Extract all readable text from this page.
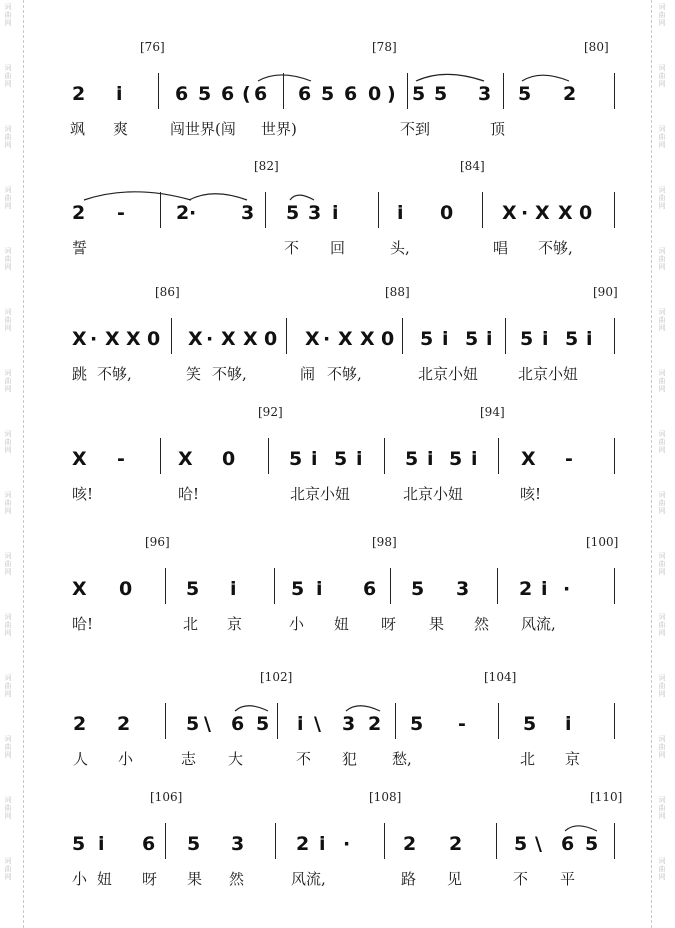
词
曲
网
词
曲
网
词
曲
网
词
曲
网
词
曲
网
词
曲
网
词
曲
网
词
曲
网
词
曲
网
词
曲
网
词
曲
网
词
曲
网
词
曲
网
词
曲
网
词
曲
网
词
曲
网
词
曲
网
词
曲
网
词
曲
网
词
曲
网
词
曲
网
词
曲
网
词
曲
网
词
曲
网
词
曲
网
词
曲
网
词
曲
网
词
曲
网
词
曲
网
词
曲
网
[76]	[78]	[80]
2 i	6 5 6 ( 6 6 5 6 0 ) 5 5 3 5 2
飒 爽	闯世界(闯 世界)	不到	顶
[82]	[84]
2 -	2 · 3 5 3 i	i 0	X · X X 0
誓	不 回	头,	唱 不够,
[86]	[88]	[90]
X · X X 0 X · X X 0 X · X X 0 5 i 5 i 5 i 5 i
跳 不够,	笑 不够,	闹 不够,	北京小妞	北京小妞
[92]	[94]
X -	X 0	5 i 5 i 5 i 5 i X -
咳!	哈!	北京小妞	北京小妞	咳!
[96]	[98]	[100]
X 0	5 i	5 i 6 5 3	2 i ·
哈!	北 京	小 妞 呀 果 然 风流,
[102]	[104]
2 2	5 \ 6 5 i \ 3 2 5 -	5 i
人 小	志 大	不 犯 愁,	北 京
[106]	[108]	[110]
5 i 6 5 3	2 i ·	2 2	5 \ 6 5
小 妞 呀 果 然	风流,	路 见	不 平
